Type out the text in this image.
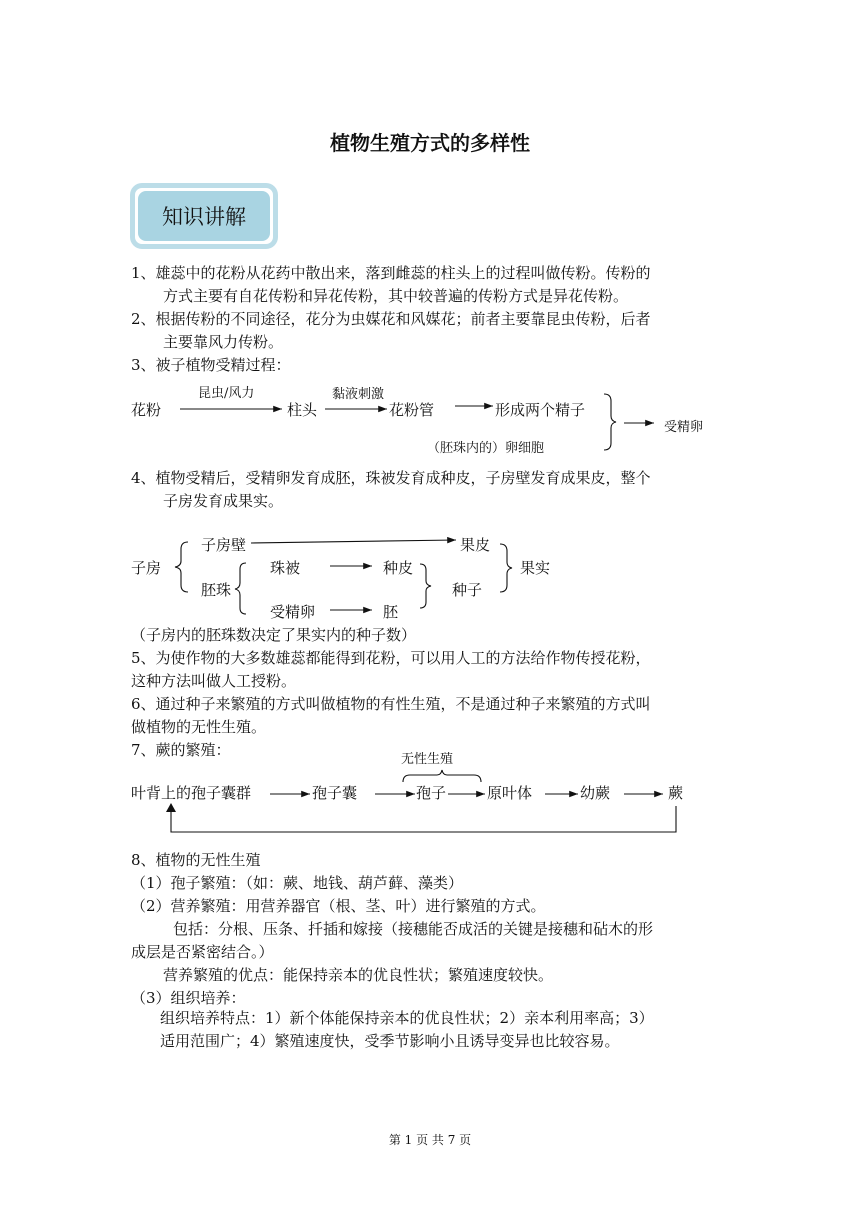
植物生殖方式的多样性
知识讲解
1、雄蕊中的花粉从花药中散出来，落到雌蕊的柱头上的过程叫做传粉。传粉的
方式主要有自花传粉和异花传粉，其中较普遍的传粉方式是异花传粉。
2、根据传粉的不同途径，花分为虫媒花和风媒花；前者主要靠昆虫传粉，后者
主要靠风力传粉。
3、被子植物受精过程：
花粉
昆虫/风力
柱头
黏液刺激
花粉管	形成两个精子
（胚珠内的）卵细胞
受精卵
4、植物受精后，受精卵发育成胚，珠被发育成种皮，子房壁发育成果皮，整个
子房发育成果实。
子房
子房壁	果皮
果实
胚珠
珠被	种皮
种子
受精卵	胚
（子房内的胚珠数决定了果实内的种子数）
5、为使作物的大多数雄蕊都能得到花粉，可以用人工的方法给作物传授花粉，
这种方法叫做人工授粉。
6、通过种子来繁殖的方式叫做植物的有性生殖，不是通过种子来繁殖的方式叫
做植物的无性生殖。
7、蕨的繁殖：
无性生殖
叶背上的孢子囊群	孢子囊	孢子	原叶体	幼蕨	蕨
8、植物的无性生殖
（1）孢子繁殖：（如：蕨、地钱、葫芦藓、藻类）
（2）营养繁殖：用营养器官（根、茎、叶）进行繁殖的方式。
包括：分根、压条、扦插和嫁接（接穗能否成活的关键是接穗和砧木的形
成层是否紧密结合。）
营养繁殖的优点：能保持亲本的优良性状；繁殖速度较快。
（3）组织培养：
组织培养特点：1）新个体能保持亲本的优良性状；2）亲本利用率高；3）
适用范围广；4）繁殖速度快，受季节影响小且诱导变异也比较容易。
第 1 页 共 7 页
